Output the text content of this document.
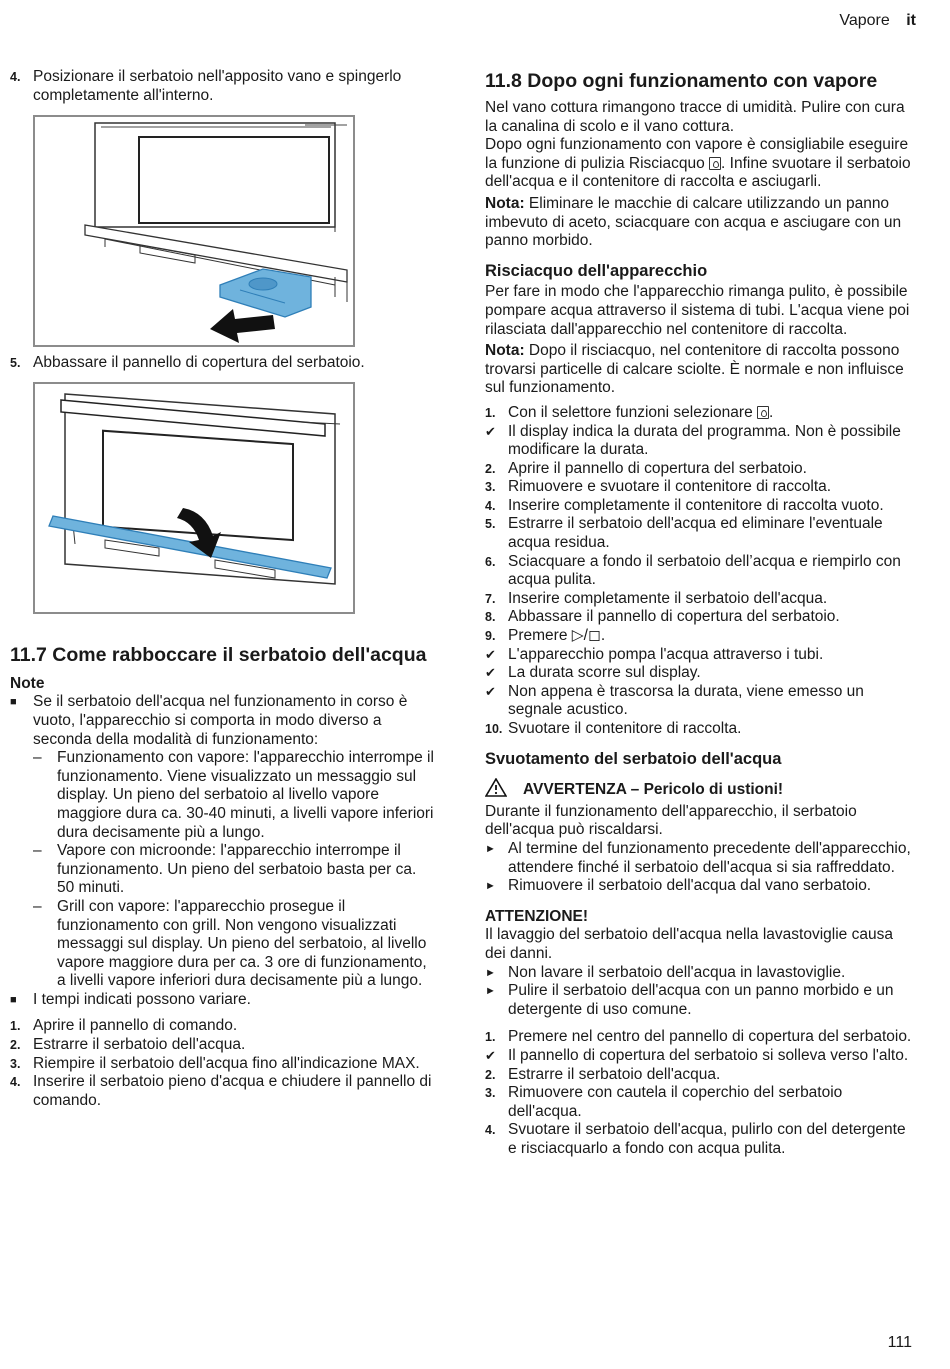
Vapore it
4. Posizionare il serbatoio nell'apposito vano e spingerlo completamente all'interno.
5. Abbassare il pannello di copertura del serbatoio.
11.7 Come rabboccare il serbatoio dell'acqua
Note
■	Se il serbatoio dell'acqua nel funzionamento in corso è vuoto, l'apparecchio si comporta in modo diverso a seconda della modalità di funzionamento:
– Funzionamento con vapore: l'apparecchio interrompe il funzionamento. Viene visualizzato un messaggio sul display. Un pieno del serbatoio al livello vapore maggiore dura ca. 30-40 minuti, a livelli vapore inferiori dura decisamente più a lungo.
– Vapore con microonde: l'apparecchio interrompe il funzionamento. Un pieno del serbatoio basta per ca. 50 minuti.
– Grill con vapore: l'apparecchio prosegue il funzionamento con grill. Non vengono visualizzati messaggi sul display. Un pieno del serbatoio, al livello vapore maggiore dura per ca. 3 ore di funzionamento, a livelli vapore inferiori dura decisamente più a lungo.
■	I tempi indicati possono variare.
1. Aprire il pannello di comando.
2. Estrarre il serbatoio dell'acqua.
3. Riempire il serbatoio dell'acqua fino all'indicazione MAX.
4. Inserire il serbatoio pieno d'acqua e chiudere il pannello di comando.
11.8 Dopo ogni funzionamento con vapore

Nel vano cottura rimangono tracce di umidità. Pulire con cura la canalina di scolo e il vano cottura.

Dopo ogni funzionamento con vapore è consigliabile eseguire la funzione di pulizia Risciacquo . Infine svuotare il serbatoio dell'acqua e il contenitore di raccolta e asciugarli.

Nota: Eliminare le macchie di calcare utilizzando un panno imbevuto di aceto, sciacquare con acqua e asciugare con un panno morbido.

Risciacquo dell'apparecchio

Per fare in modo che l'apparecchio rimanga pulito, è possibile pompare acqua attraverso il sistema di tubi. L'acqua viene poi rilasciata dall'apparecchio nel contenitore di raccolta.

Nota: Dopo il risciacquo, nel contenitore di raccolta possono trovarsi particelle di calcare sciolte. È normale e non influisce sul funzionamento.

1. Con il selettore funzioni selezionare .
✔ Il display indica la durata del programma. Non è possibile modificare la durata.
2. Aprire il pannello di copertura del serbatoio.
3. Rimuovere e svuotare il contenitore di raccolta.
4. Inserire completamente il contenitore di raccolta vuoto.
5. Estrarre il serbatoio dell'acqua ed eliminare l'eventuale acqua residua.
6. Sciacquare a fondo il serbatoio dell’acqua e riempirlo con acqua pulita.
7. Inserire completamente il serbatoio dell'acqua.
8. Abbassare il pannello di copertura del serbatoio.
9. Premere ▷/◻.
✔ L'apparecchio pompa l'acqua attraverso i tubi.
✔ La durata scorre sul display.
✔ Non appena è trascorsa la durata, viene emesso un segnale acustico.
10. Svuotare il contenitore di raccolta.
Svuotamento del serbatoio dell'acqua
AVVERTENZA – Pericolo di ustioni!

Durante il funzionamento dell'apparecchio, il serbatoio dell'acqua può riscaldarsi.

► Al termine del funzionamento precedente dell'apparecchio, attendere finché il serbatoio dell'acqua si sia raffreddato.
► Rimuovere il serbatoio dell'acqua dal vano serbatoio.
ATTENZIONE!

Il lavaggio del serbatoio dell'acqua nella lavastoviglie causa dei danni.

► Non lavare il serbatoio dell'acqua in lavastoviglie.
► Pulire il serbatoio dell'acqua con un panno morbido e un detergente di uso comune.
1. Premere nel centro del pannello di copertura del serbatoio.
✔ Il pannello di copertura del serbatoio si solleva verso l'alto.
2. Estrarre il serbatoio dell'acqua.
3. Rimuovere con cautela il coperchio del serbatoio dell'acqua.
4. Svuotare il serbatoio dell'acqua, pulirlo con del detergente e risciacquarlo a fondo con acqua pulita.
111
